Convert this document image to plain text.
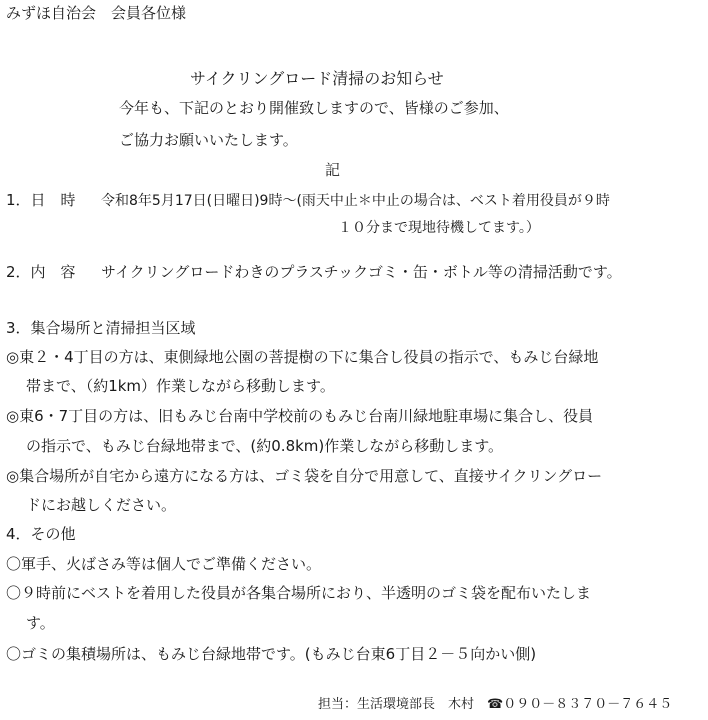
みずほ自治会　会員各位様
サイクリングロード清掃のお知らせ
今年も、下記のとおり開催致しますので、皆様のご参加、
ご協力お願いいたします。
記
1．日　時 令和8年5月17日(日曜日)9時～(雨天中止＊中止の場合は、ベスト着用役員が９時
１０分まで現地待機してます。）
2．内　容 サイクリングロードわきのプラスチックゴミ・缶・ボトル等の清掃活動です。
3．集合場所と清掃担当区域
◎東２・4丁目の方は、東側緑地公園の菩提樹の下に集合し役員の指示で、もみじ台緑地
帯まで、（約1km）作業しながら移動します。
◎東6・7丁目の方は、旧もみじ台南中学校前のもみじ台南川緑地駐車場に集合し、役員
の指示で、もみじ台緑地帯まで、(約0.8km)作業しながら移動します。
◎集合場所が自宅から遠方になる方は、ゴミ袋を自分で用意して、直接サイクリングロー
ドにお越しください。
4．その他
〇軍手、火ばさみ等は個人でご準備ください。
〇９時前にベストを着用した役員が各集合場所におり、半透明のゴミ袋を配布いたしま
す。
〇ゴミの集積場所は、もみじ台緑地帯です。(もみじ台東6丁目２－５向かい側)
担当：生活環境部長　木村　☎０９０－８３７０－７６４５
